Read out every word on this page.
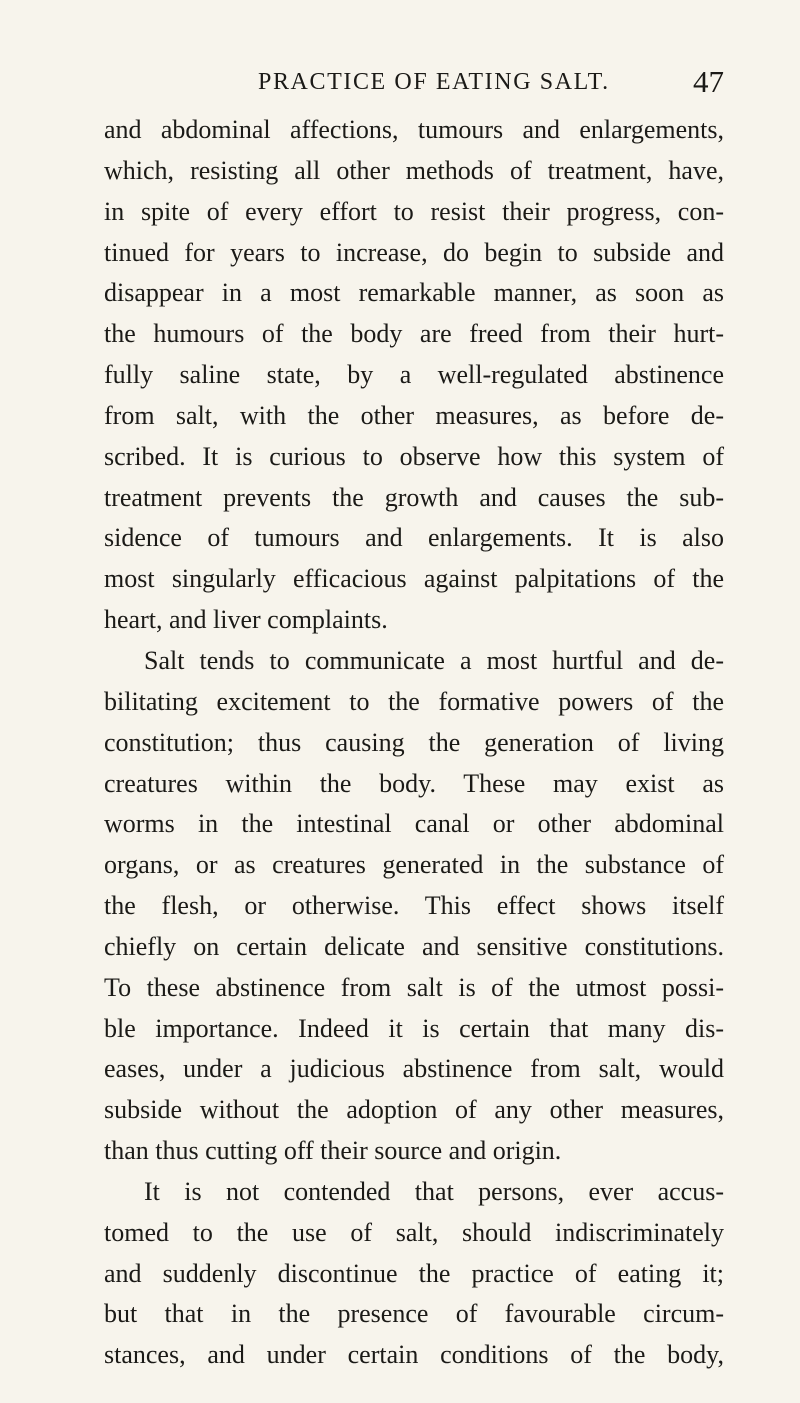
PRACTICE OF EATING SALT.	47
and abdominal affections, tumours and enlargements,
which, resisting all other methods of treatment, have,
in spite of every effort to resist their progress, con-
tinued for years to increase, do begin to subside and
disappear in a most remarkable manner, as soon as
the humours of the body are freed from their hurt-
fully saline state, by a well-regulated abstinence
from salt, with the other measures, as before de-
scribed. It is curious to observe how this system of
treatment prevents the growth and causes the sub-
sidence of tumours and enlargements. It is also
most singularly efficacious against palpitations of the
heart, and liver complaints.
Salt tends to communicate a most hurtful and de-
bilitating excitement to the formative powers of the
constitution; thus causing the generation of living
creatures within the body. These may exist as
worms in the intestinal canal or other abdominal
organs, or as creatures generated in the substance of
the flesh, or otherwise. This effect shows itself
chiefly on certain delicate and sensitive constitutions.
To these abstinence from salt is of the utmost possi-
ble importance. Indeed it is certain that many dis-
eases, under a judicious abstinence from salt, would
subside without the adoption of any other measures,
than thus cutting off their source and origin.
It is not contended that persons, ever accus-
tomed to the use of salt, should indiscriminately
and suddenly discontinue the practice of eating it;
but that in the presence of favourable circum-
stances, and under certain conditions of the body,
